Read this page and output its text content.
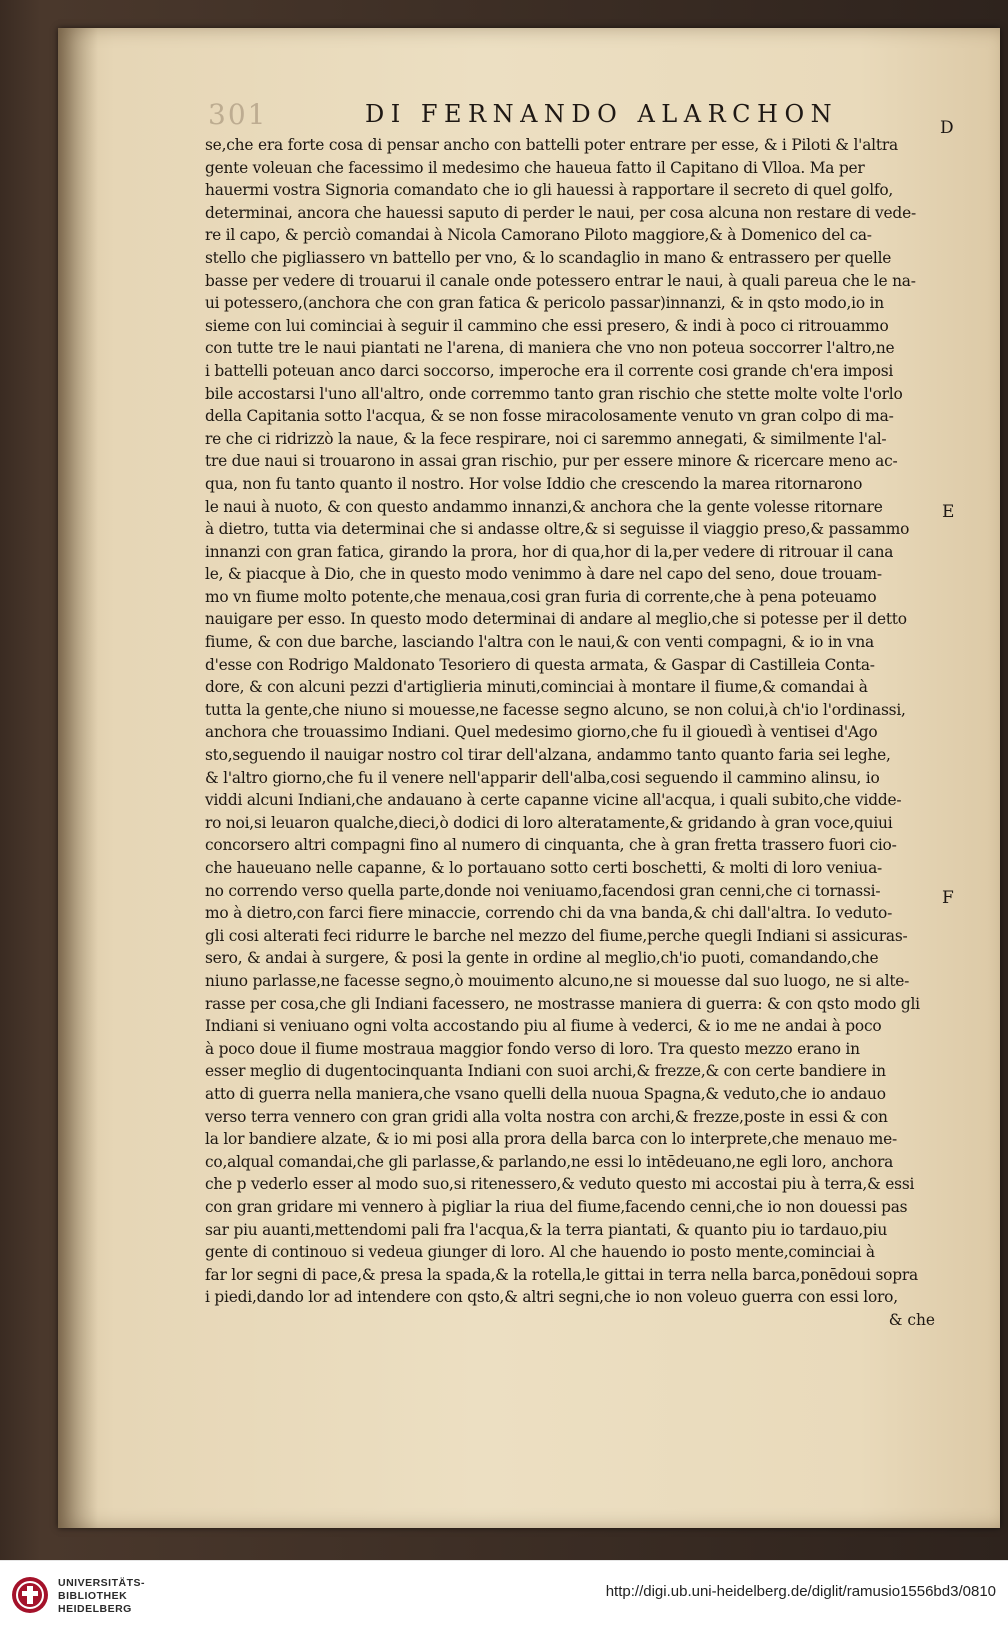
301	DI FERNANDO ALARCHON
se,che era forte cosa di pensar ancho con battelli poter entrare per esse, & i Piloti & l'altra
gente voleuan che facessimo il medesimo che haueua fatto il Capitano di Vlloa. Ma per
hauermi vostra Signoria comandato che io gli hauessi à rapportare il secreto di quel golfo,
determinai, ancora che hauessi saputo di perder le naui, per cosa alcuna non restare di vede-
re il capo, & perciò comandai à Nicola Camorano Piloto maggiore,& à Domenico del ca-
stello che pigliassero vn battello per vno, & lo scandaglio in mano & entrassero per quelle
basse per vedere di trouarui il canale onde potessero entrar le naui, à quali pareua che le na-
ui potessero,(anchora che con gran fatica & pericolo passar)innanzi, & in qsto modo,io in
sieme con lui cominciai à seguir il cammino che essi presero, & indi à poco ci ritrouammo
con tutte tre le naui piantati ne l'arena, di maniera che vno non poteua soccorrer l'altro,ne
i battelli poteuan anco darci soccorso, imperoche era il corrente cosi grande ch'era imposi
bile accostarsi l'uno all'altro, onde corremmo tanto gran rischio che stette molte volte l'orlo
della Capitania sotto l'acqua, & se non fosse miracolosamente venuto vn gran colpo di ma-
re che ci ridrizzò la naue, & la fece respirare, noi ci saremmo annegati, & similmente l'al-
tre due naui si trouarono in assai gran rischio, pur per essere minore & ricercare meno ac-
qua, non fu tanto quanto il nostro. Hor volse Iddio che crescendo la marea ritornarono
le naui à nuoto, & con questo andammo innanzi,& anchora che la gente volesse ritornare
à dietro, tutta via determinai che si andasse oltre,& si seguisse il viaggio preso,& passammo
innanzi con gran fatica, girando la prora, hor di qua,hor di la,per vedere di ritrouar il cana
le, & piacque à Dio, che in questo modo venimmo à dare nel capo del seno, doue trouam-
mo vn fiume molto potente,che menaua,cosi gran furia di corrente,che à pena poteuamo
nauigare per esso. In questo modo determinai di andare al meglio,che si potesse per il detto
fiume, & con due barche, lasciando l'altra con le naui,& con venti compagni, & io in vna
d'esse con Rodrigo Maldonato Tesoriero di questa armata, & Gaspar di Castilleia Conta-
dore, & con alcuni pezzi d'artiglieria minuti,cominciai à montare il fiume,& comandai à
tutta la gente,che niuno si mouesse,ne facesse segno alcuno, se non colui,à ch'io l'ordinassi,
anchora che trouassimo Indiani. Quel medesimo giorno,che fu il giouedì à ventisei d'Ago
sto,seguendo il nauigar nostro col tirar dell'alzana, andammo tanto quanto faria sei leghe,
& l'altro giorno,che fu il venere nell'apparir dell'alba,cosi seguendo il cammino alinsu, io
viddi alcuni Indiani,che andauano à certe capanne vicine all'acqua, i quali subito,che vidde-
ro noi,si leuaron qualche,dieci,ò dodici di loro alteratamente,& gridando à gran voce,quiui
concorsero altri compagni fino al numero di cinquanta, che à gran fretta trassero fuori cio-
che haueuano nelle capanne, & lo portauano sotto certi boschetti, & molti di loro veniua-
no correndo verso quella parte,donde noi veniuamo,facendosi gran cenni,che ci tornassi-
mo à dietro,con farci fiere minaccie, correndo chi da vna banda,& chi dall'altra. Io veduto-
gli cosi alterati feci ridurre le barche nel mezzo del fiume,perche quegli Indiani si assicuras-
sero, & andai à surgere, & posi la gente in ordine al meglio,ch'io puoti, comandando,che
niuno parlasse,ne facesse segno,ò mouimento alcuno,ne si mouesse dal suo luogo, ne si alte-
rasse per cosa,che gli Indiani facessero, ne mostrasse maniera di guerra: & con qsto modo gli
Indiani si veniuano ogni volta accostando piu al fiume à vederci, & io me ne andai à poco
à poco doue il fiume mostraua maggior fondo verso di loro. Tra questo mezzo erano in
esser meglio di dugentocinquanta Indiani con suoi archi,& frezze,& con certe bandiere in
atto di guerra nella maniera,che vsano quelli della nuoua Spagna,& veduto,che io andauo
verso terra vennero con gran gridi alla volta nostra con archi,& frezze,poste in essi & con
la lor bandiere alzate, & io mi posi alla prora della barca con lo interprete,che menauo me-
co,alqual comandai,che gli parlasse,& parlando,ne essi lo intēdeuano,ne egli loro, anchora
che p vederlo esser al modo suo,si ritenessero,& veduto questo mi accostai piu à terra,& essi
con gran gridare mi vennero à pigliar la riua del fiume,facendo cenni,che io non douessi pas
sar piu auanti,mettendomi pali fra l'acqua,& la terra piantati, & quanto piu io tardauo,piu
gente di continouo si vedeua giunger di loro. Al che hauendo io posto mente,cominciai à
far lor segni di pace,& presa la spada,& la rotella,le gittai in terra nella barca,ponēdoui sopra
i piedi,dando lor ad intendere con qsto,& altri segni,che io non voleuo guerra con essi loro,
& che
D
E
F
UNIVERSITÄTS-
BIBLIOTHEK
HEIDELBERG
http://digi.ub.uni-heidelberg.de/diglit/ramusio1556bd3/0810
